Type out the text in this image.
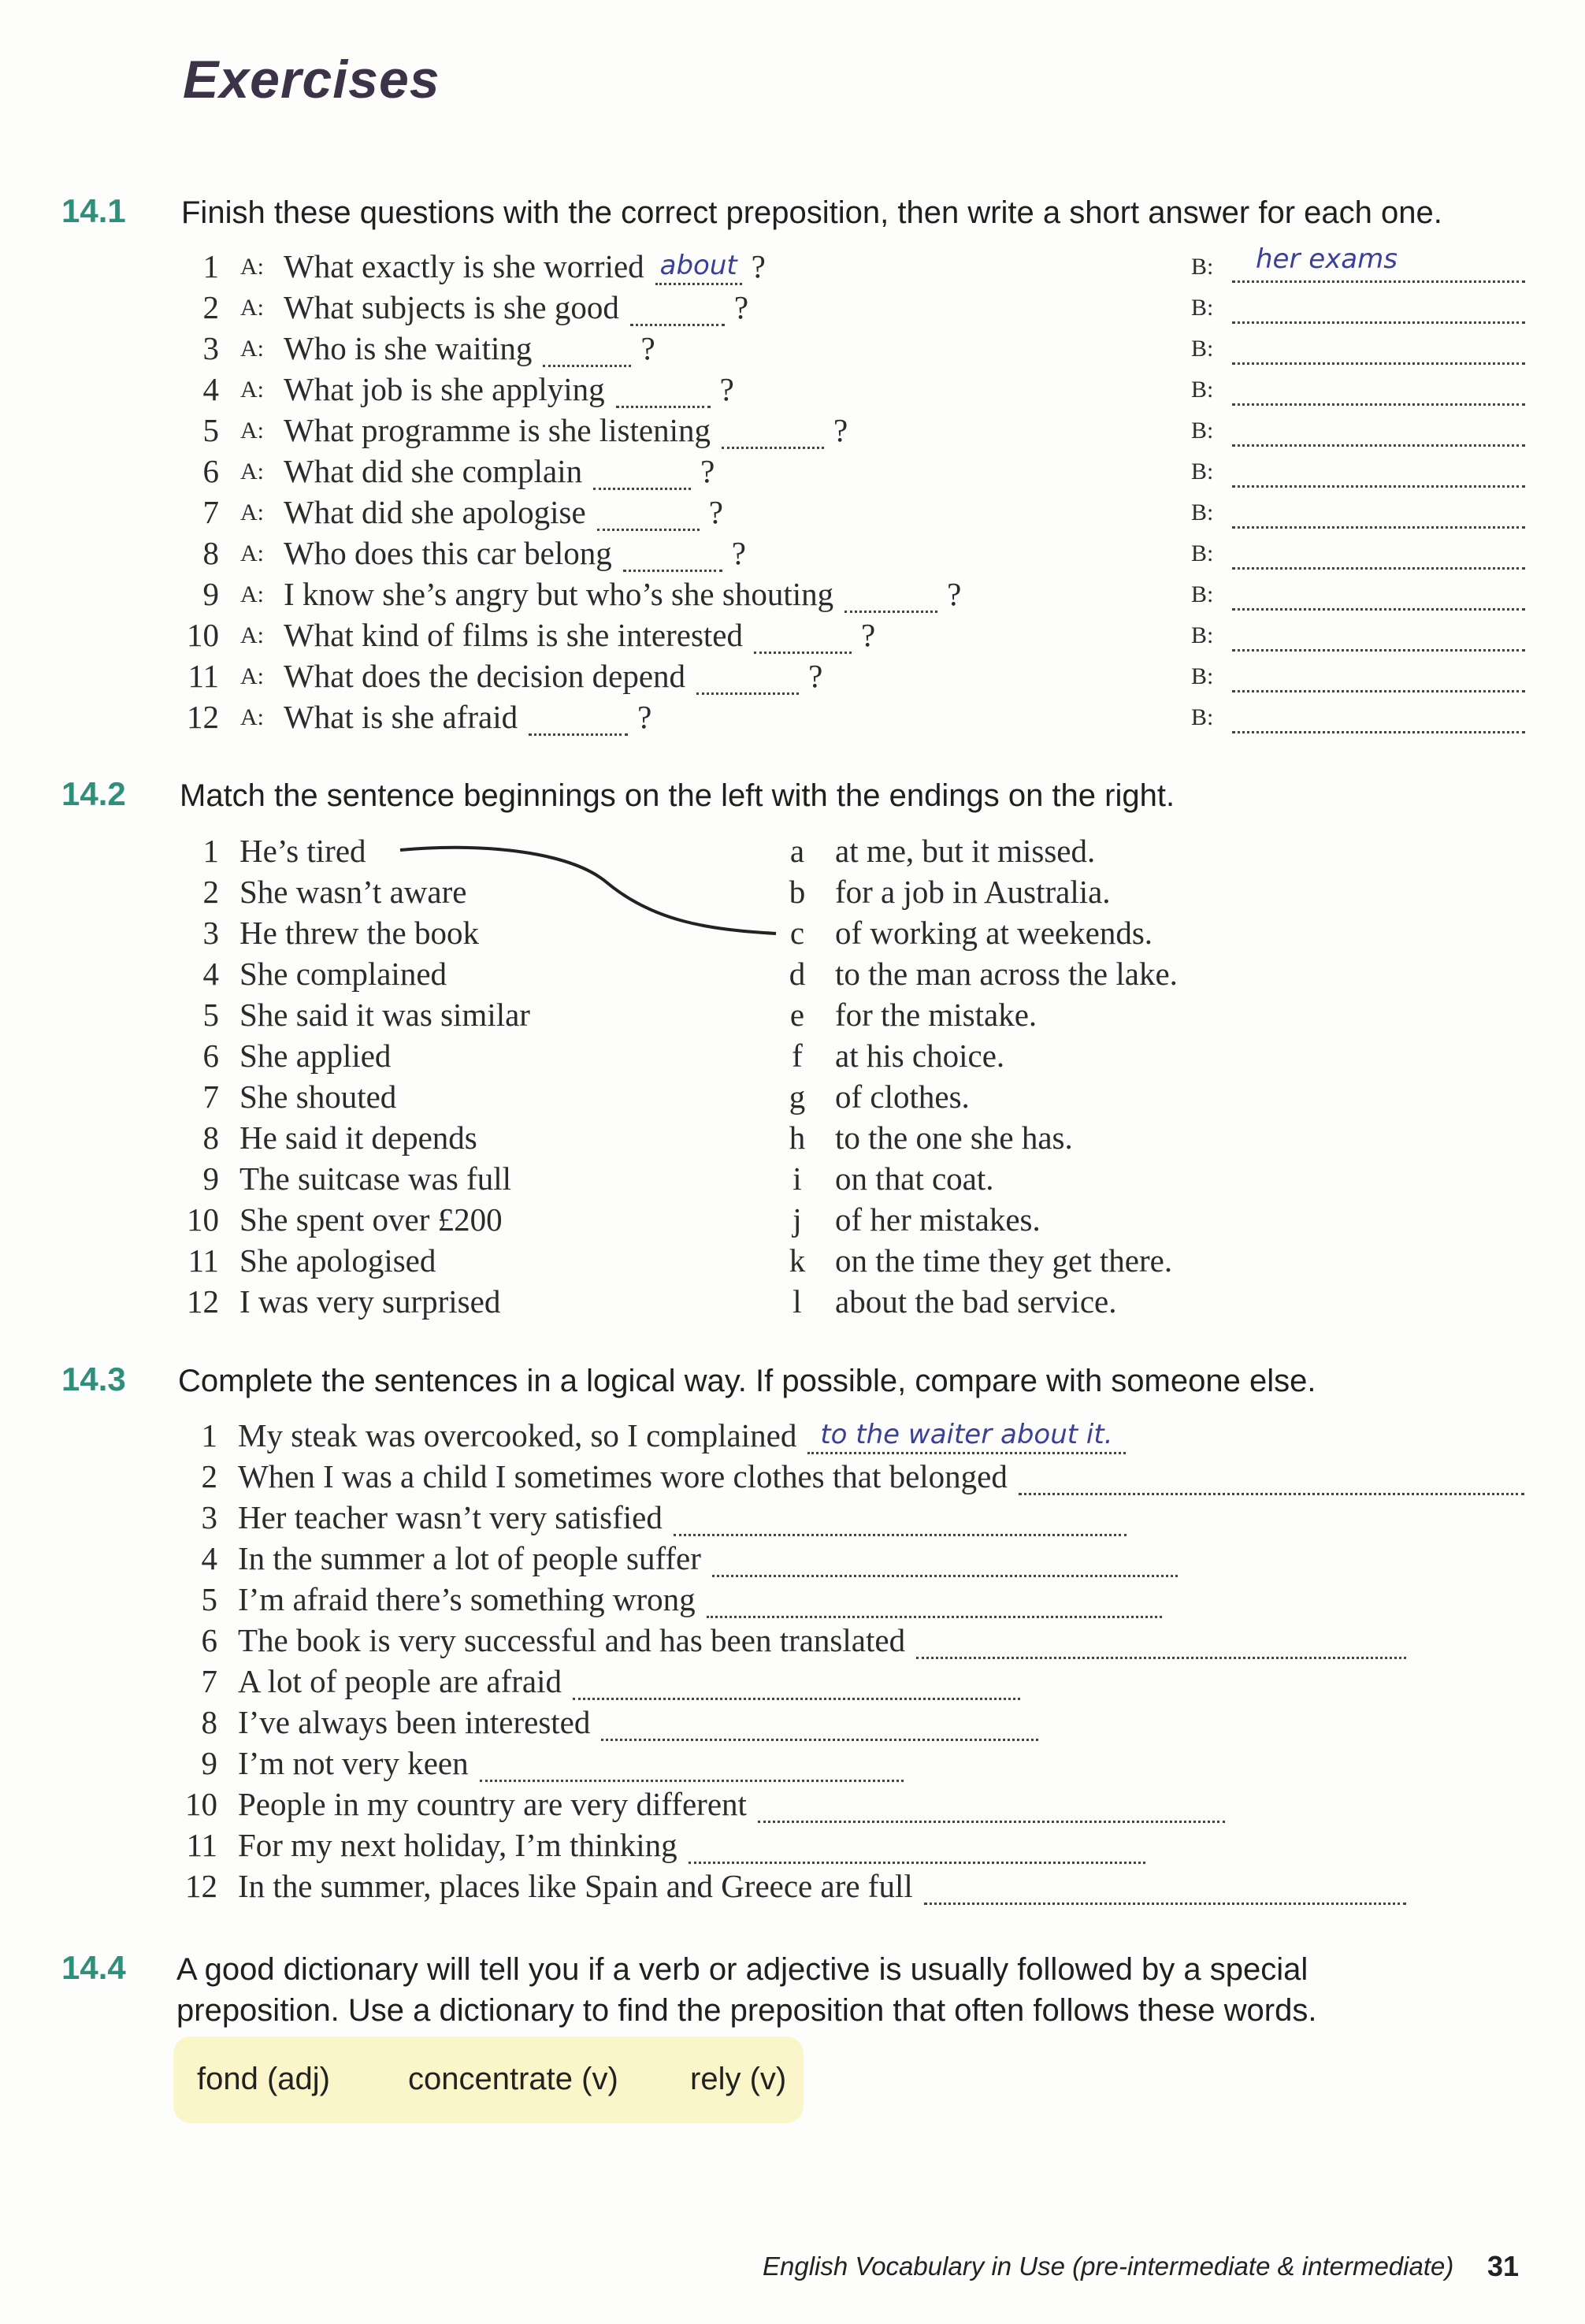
Exercises
14.1 Finish these questions with the correct preposition, then write a short answer for each one.
1 A: What exactly is she worried about ?	B: her exams
2 A: What subjects is she good	?	B:
3 A: Who is she waiting	?	B:
4 A: What job is she applying	?	B:
5 A: What programme is she listening	?	B:
6 A: What did she complain	?	B:
7 A: What did she apologise	?	B:
8 A: Who does this car belong	?	B:
9 A: I know she’s angry but who’s she shouting	?	B:
10 A: What kind of films is she interested	?	B:
11 A: What does the decision depend	?	B:
12 A: What is she afraid	?	B:
14.2 Match the sentence beginnings on the left with the endings on the right.
1 He’s tired
2 She wasn’t aware
3 He threw the book
4 She complained
5 She said it was similar
6 She applied
7 She shouted
8 He said it depends
9 The suitcase was full
10 She spent over £200
11 She apologised
12 I was very surprised
a at me, but it missed.
b for a job in Australia.
c of working at weekends.
d to the man across the lake.
e for the mistake.
f at his choice.
g of clothes.
h to the one she has.
i on that coat.
j of her mistakes.
k on the time they get there.
l about the bad service.
14.3 Complete the sentences in a logical way. If possible, compare with someone else.
1 My steak was overcooked, so I complained to the waiter about it.
2 When I was a child I sometimes wore clothes that belonged
3 Her teacher wasn’t very satisfied
4 In the summer a lot of people suffer
5 I’m afraid there’s something wrong
6 The book is very successful and has been translated
7 A lot of people are afraid
8 I’ve always been interested
9 I’m not very keen
10 People in my country are very different
11 For my next holiday, I’m thinking
12 In the summer, places like Spain and Greece are full
14.4 A good dictionary will tell you if a verb or adjective is usually followed by a special
preposition. Use a dictionary to find the preposition that often follows these words.
fond (adj) concentrate (v) rely (v)
English Vocabulary in Use (pre-intermediate & intermediate) 31
